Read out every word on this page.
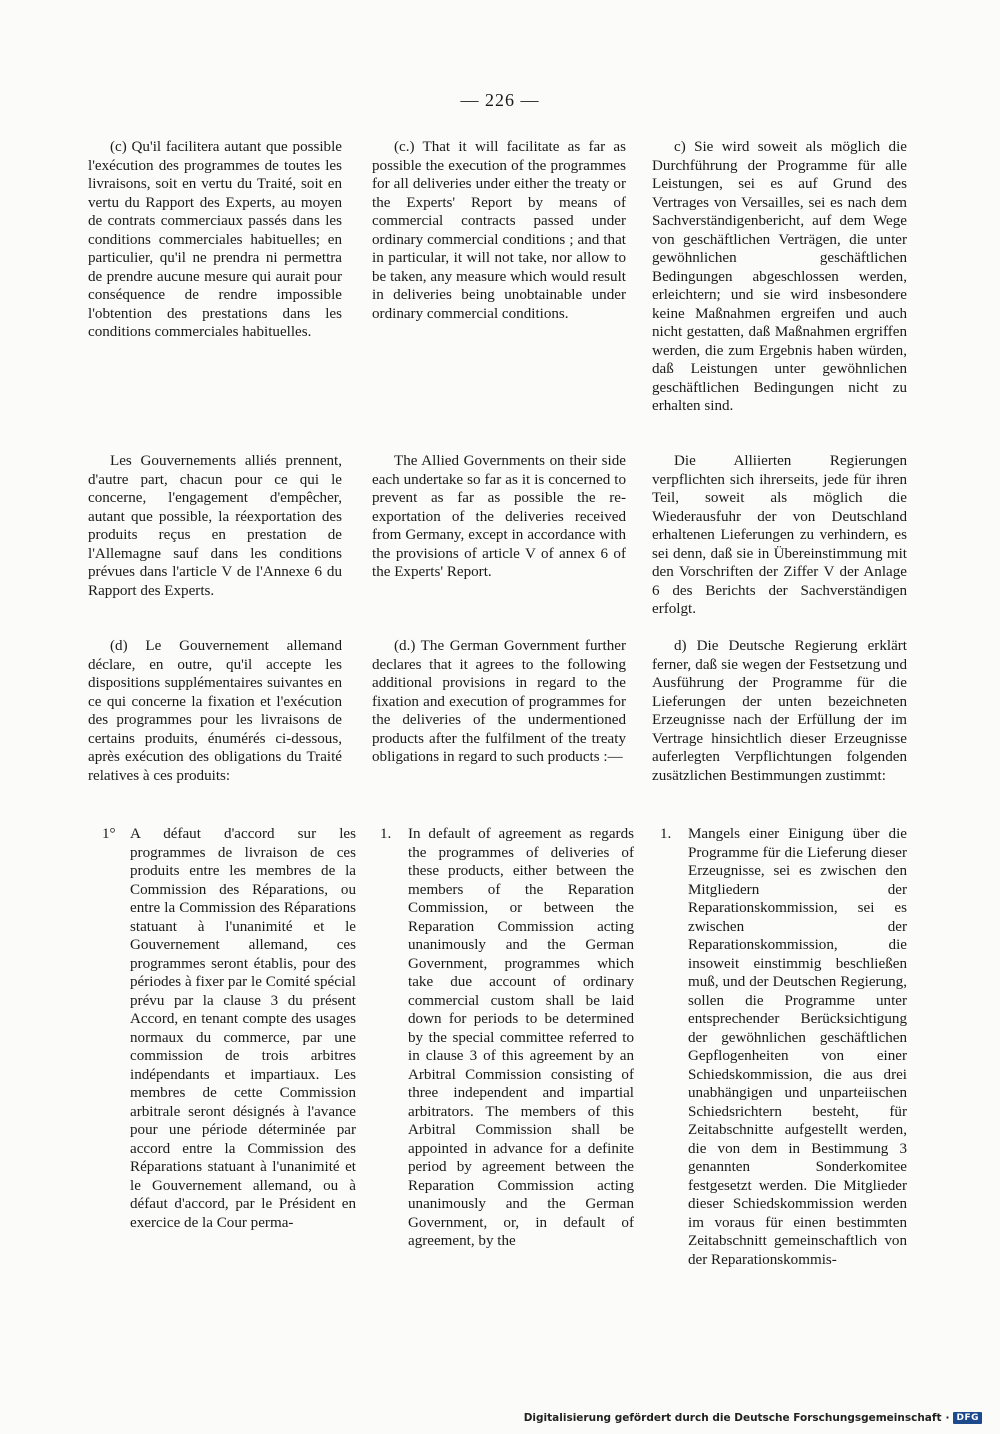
— 226 —

(c) Qu'il facilitera autant que possible l'exécution des programmes de toutes les livraisons, soit en vertu du Traité, soit en vertu du Rapport des Experts, au moyen de contrats commerciaux passés dans les conditions commerciales habituelles; en particulier, qu'il ne prendra ni permettra de prendre aucune mesure qui aurait pour conséquence de rendre impossible l'obtention des prestations dans les conditions commerciales habituelles.

Les Gouvernements alliés prennent, d'autre part, chacun pour ce qui le concerne, l'engagement d'empêcher, autant que possible, la réexportation des produits reçus en prestation de l'Allemagne sauf dans les conditions prévues dans l'article V de l'Annexe 6 du Rapport des Experts.

(d) Le Gouvernement allemand déclare, en outre, qu'il accepte les dispositions supplémentaires suivantes en ce qui concerne la fixation et l'exécution des programmes pour les livraisons de certains produits, énumérés ci-dessous, après exécution des obligations du Traité relatives à ces produits:

1° A défaut d'accord sur les programmes de livraison de ces produits entre les membres de la Commission des Réparations, ou entre la Commission des Réparations statuant à l'unanimité et le Gouvernement allemand, ces programmes seront établis, pour des périodes à fixer par le Comité spécial prévu par la clause 3 du présent Accord, en tenant compte des usages normaux du commerce, par une commission de trois arbitres indépendants et impartiaux. Les membres de cette Commission arbitrale seront désignés à l'avance pour une période déterminée par accord entre la Commission des Réparations statuant à l'unanimité et le Gouvernement allemand, ou à défaut d'accord, par le Président en exercice de la Cour perma-

(c.) That it will facilitate as far as possible the execution of the programmes for all deliveries under either the treaty or the Experts' Report by means of commercial contracts passed under ordinary commercial conditions ; and that in particular, it will not take, nor allow to be taken, any measure which would result in deliveries being unobtainable under ordinary commercial conditions.

The Allied Governments on their side each undertake so far as it is concerned to prevent as far as possible the re-exportation of the deliveries received from Germany, except in accordance with the provisions of article V of annex 6 of the Experts' Report.

(d.) The German Government further declares that it agrees to the following additional provisions in regard to the fixation and execution of programmes for the deliveries of the undermentioned products after the fulfilment of the treaty obligations in regard to such products :—

1.	In default of agreement as regards the programmes of deliveries of these products, either between the members of the Reparation Commission, or between the Reparation Commission acting unanimously and the German Government, programmes which take due account of ordinary commercial custom shall be laid down for periods to be determined by the special committee referred to in clause 3 of this agreement by an Arbitral Commission consisting of three independent and impartial arbitrators. The members of this Arbitral Commission shall be appointed in advance for a definite period by agreement between the Reparation Commission acting unanimously and the German Government, or, in default of agreement, by the

c) Sie wird soweit als möglich die Durchführung der Programme für alle Leistungen, sei es auf Grund des Vertrages von Versailles, sei es nach dem Sachverständigenbericht, auf dem Wege von geschäftlichen Verträgen, die unter gewöhnlichen geschäftlichen Bedingungen abgeschlossen werden, erleichtern; und sie wird insbesondere keine Maßnahmen ergreifen und auch nicht gestatten, daß Maßnahmen ergriffen werden, die zum Ergebnis haben würden, daß Leistungen unter gewöhnlichen geschäftlichen Bedingungen nicht zu erhalten sind.

Die Alliierten Regierungen verpflichten sich ihrerseits, jede für ihren Teil, soweit als möglich die Wiederausfuhr der von Deutschland erhaltenen Lieferungen zu verhindern, es sei denn, daß sie in Übereinstimmung mit den Vorschriften der Ziffer V der Anlage 6 des Berichts der Sachverständigen erfolgt.

d) Die Deutsche Regierung erklärt ferner, daß sie wegen der Festsetzung und Ausführung der Programme für die Lieferungen der unten bezeichneten Erzeugnisse nach der Erfüllung der im Vertrage hinsichtlich dieser Erzeugnisse auferlegten Verpflichtungen folgenden zusätzlichen Bestimmungen zustimmt:

1.	Mangels einer Einigung über die Programme für die Lieferung dieser Erzeugnisse, sei es zwischen den Mitgliedern der Reparationskommission, sei es zwischen der Reparationskommission, die insoweit einstimmig beschließen muß, und der Deutschen Regierung, sollen die Programme unter entsprechender Berücksichtigung der gewöhnlichen geschäftlichen Gepflogenheiten von einer Schiedskommission, die aus drei unabhängigen und unparteiischen Schiedsrichtern besteht, für Zeitabschnitte aufgestellt werden, die von dem in Bestimmung 3 genannten Sonderkomitee festgesetzt werden. Die Mitglieder dieser Schiedskommission werden im voraus für einen bestimmten Zeitabschnitt gemeinschaftlich von der Reparationskommis-
Digitalisierung gefördert durch die Deutsche Forschungsgemeinschaft · DFG
